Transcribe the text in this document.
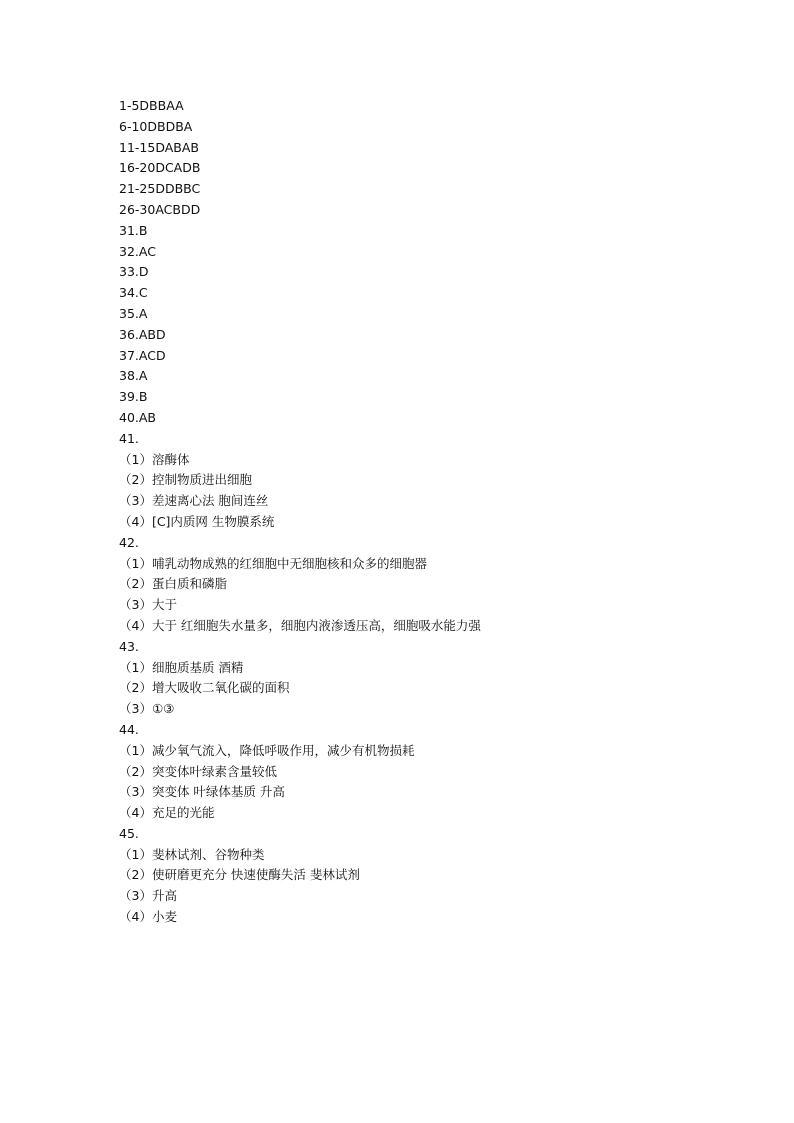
1-5DBBAA
6-10DBDBA
11-15DABAB
16-20DCADB
21-25DDBBC
26-30ACBDD
31.B
32.AC
33.D
34.C
35.A
36.ABD
37.ACD
38.A
39.B
40.AB
41.
（1）溶酶体
（2）控制物质进出细胞
（3）差速离心法 胞间连丝
（4）[C]内质网 生物膜系统
42.
（1）哺乳动物成熟的红细胞中无细胞核和众多的细胞器
（2）蛋白质和磷脂
（3）大于
（4）大于 红细胞失水量多，细胞内液渗透压高，细胞吸水能力强
43.
（1）细胞质基质 酒精
（2）增大吸收二氧化碳的面积
（3）①③
44.
（1）减少氧气流入，降低呼吸作用，减少有机物损耗
（2）突变体叶绿素含量较低
（3）突变体 叶绿体基质 升高
（4）充足的光能
45.
（1）斐林试剂、谷物种类
（2）使研磨更充分 快速使酶失活 斐林试剂
（3）升高
（4）小麦
